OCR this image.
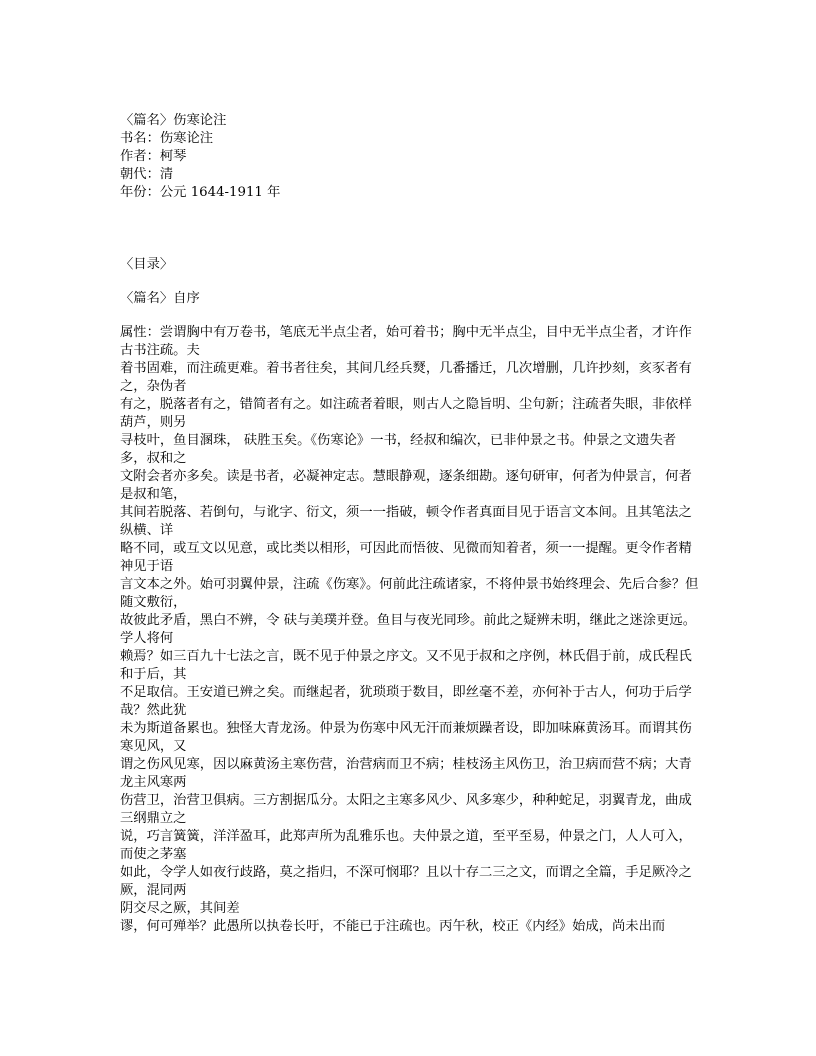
〈篇名〉伤寒论注
书名：伤寒论注
作者：柯琴
朝代：清
年份：公元 1644-1911 年
〈目录〉
〈篇名〉自序
属性：尝谓胸中有万卷书，笔底无半点尘者，始可着书；胸中无半点尘，目中无半点尘者，才许作古书注疏。夫
着书固难，而注疏更难。着书者往矣，其间几经兵燹，几番播迁，几次增删，几许抄刻，亥豕者有之，杂伪者
有之，脱落者有之，错简者有之。如注疏者着眼，则古人之隐旨明、尘句新；注疏者失眼，非依样葫芦，则另
寻枝叶，鱼目溷珠， 砆胜玉矣。《伤寒论》一书，经叔和编次，已非仲景之书。仲景之文遗失者多，叔和之
文附会者亦多矣。读是书者，必凝神定志。慧眼静观，逐条细勘。逐句研审，何者为仲景言，何者是叔和笔，
其间若脱落、若倒句，与讹字、衍文，须一一指破，顿令作者真面目见于语言文本间。且其笔法之纵横、详
略不同，或互文以见意，或比类以相形，可因此而悟彼、见微而知着者，须一一提醒。更令作者精神见于语
言文本之外。始可羽翼仲景，注疏《伤寒》。何前此注疏诸家，不将仲景书始终理会、先后合参？但随文敷衍，
故彼此矛盾，黑白不辨，令 砆与美璞并登。鱼目与夜光同珍。前此之疑辨未明，继此之迷涂更远。学人将何
赖焉？如三百九十七法之言，既不见于仲景之序文。又不见于叔和之序例，林氏倡于前，成氏程氏和于后，其
不足取信。王安道已辨之矣。而继起者，犹琐琐于数目，即丝毫不差，亦何补于古人，何功于后学哉？然此犹
未为斯道备累也。独怪大青龙汤。仲景为伤寒中风无汗而兼烦躁者设，即加味麻黄汤耳。而谓其伤寒见风，又
谓之伤风见寒，因以麻黄汤主寒伤营，治营病而卫不病；桂枝汤主风伤卫，治卫病而营不病；大青龙主风寒两
伤营卫，治营卫俱病。三方割据瓜分。太阳之主寒多风少、风多寒少，种种蛇足，羽翼青龙，曲成三纲鼎立之
说，巧言簧簧，洋洋盈耳，此郑声所为乱雅乐也。夫仲景之道，至平至易，仲景之门，人人可入，而使之茅塞
如此，令学人如夜行歧路，莫之指归，不深可悯耶？且以十存二三之文，而谓之全篇，手足厥冷之厥，混同两
阴交尽之厥，其间差
谬，何可殚举？此愚所以执卷长吁，不能已于注疏也。丙午秋，校正《内经》始成，尚未出而
